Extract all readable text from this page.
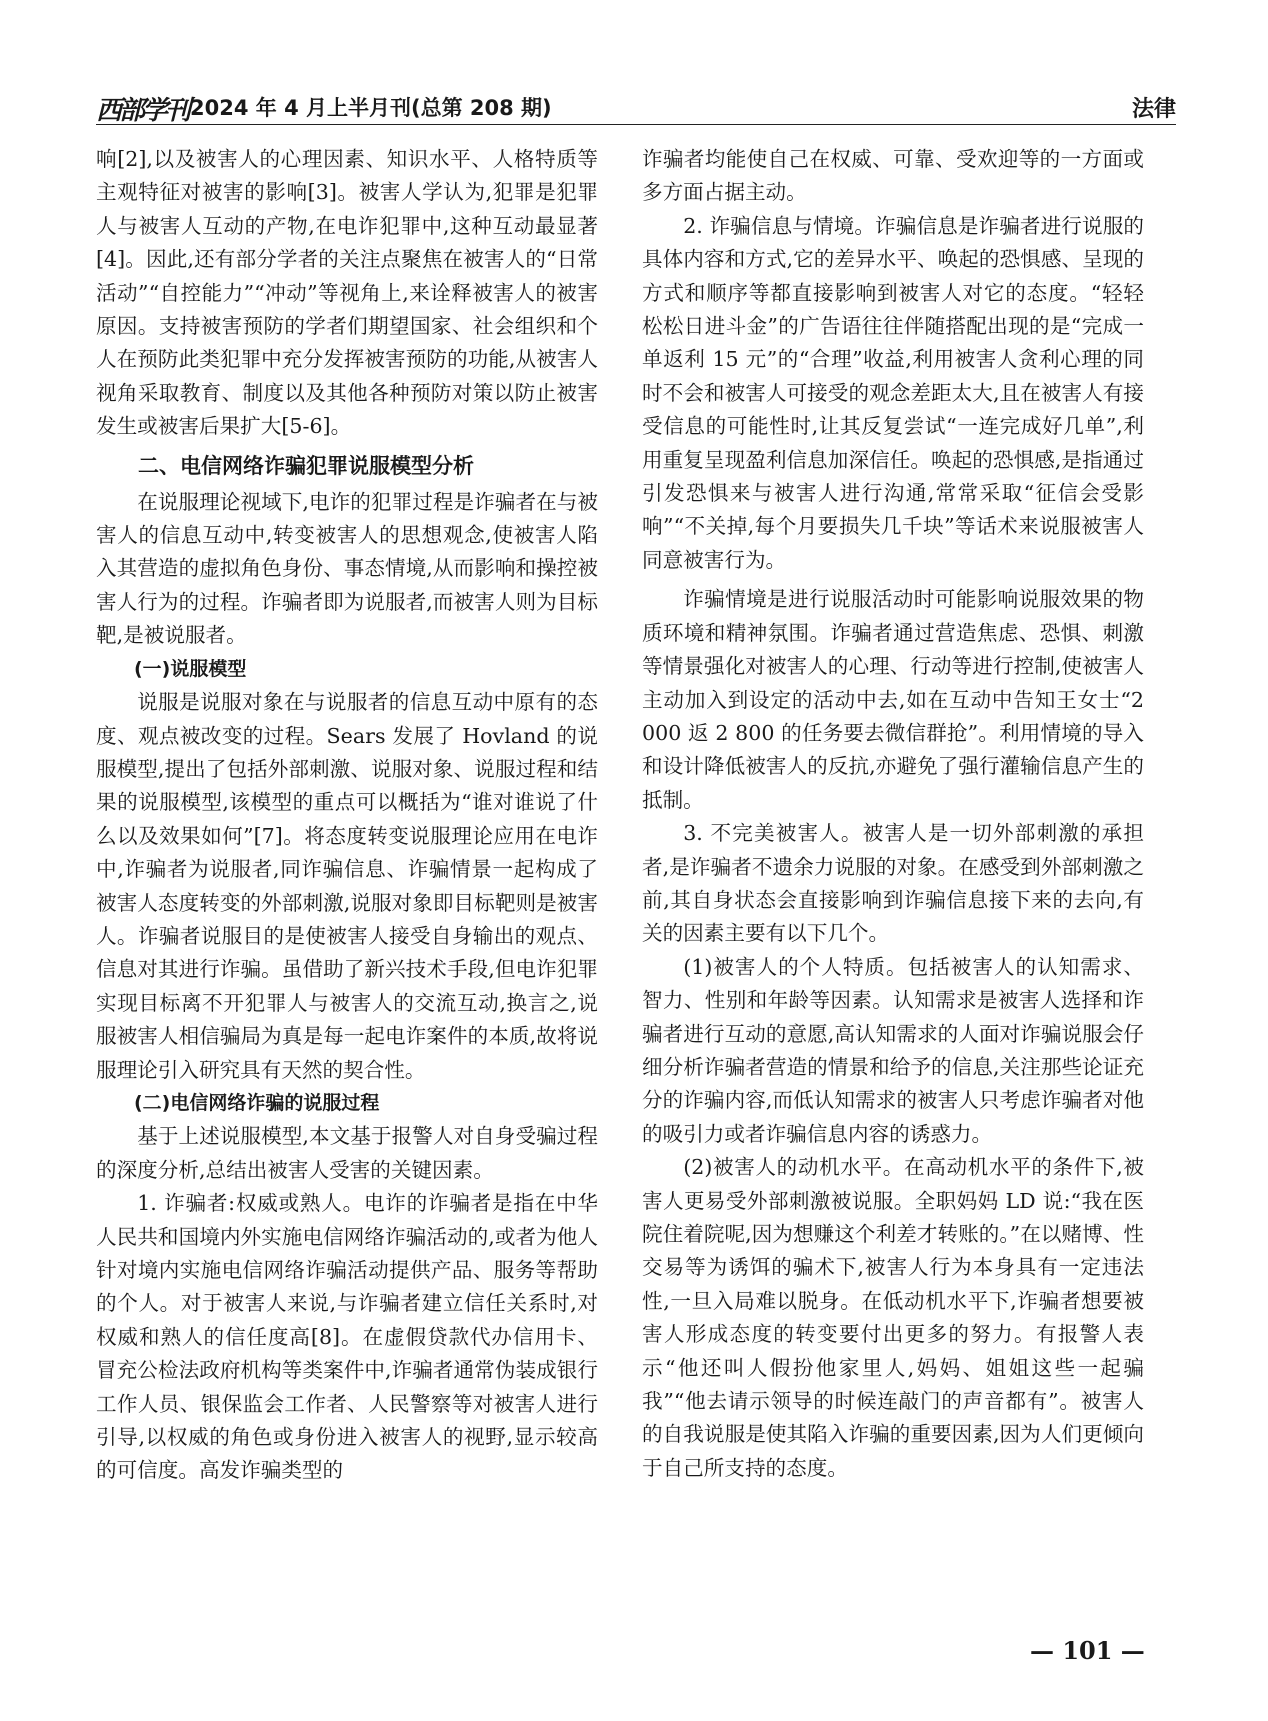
西部学刊 2024 年 4 月上半月刊(总第 208 期)	法律

响[2],以及被害人的心理因素、知识水平、人格特质等主观特征对被害的影响[3]。被害人学认为,犯罪是犯罪人与被害人互动的产物,在电诈犯罪中,这种互动最显著[4]。因此,还有部分学者的关注点聚焦在被害人的“日常活动”“自控能力”“冲动”等视角上,来诠释被害人的被害原因。支持被害预防的学者们期望国家、社会组织和个人在预防此类犯罪中充分发挥被害预防的功能,从被害人视角采取教育、制度以及其他各种预防对策以防止被害发生或被害后果扩大[5-6]。

二、电信网络诈骗犯罪说服模型分析

在说服理论视域下,电诈的犯罪过程是诈骗者在与被害人的信息互动中,转变被害人的思想观念,使被害人陷入其营造的虚拟角色身份、事态情境,从而影响和操控被害人行为的过程。诈骗者即为说服者,而被害人则为目标靶,是被说服者。

(一)说服模型

说服是说服对象在与说服者的信息互动中原有的态度、观点被改变的过程。Sears 发展了 Hovland 的说服模型,提出了包括外部刺激、说服对象、说服过程和结果的说服模型,该模型的重点可以概括为“谁对谁说了什么以及效果如何”[7]。将态度转变说服理论应用在电诈中,诈骗者为说服者,同诈骗信息、诈骗情景一起构成了被害人态度转变的外部刺激,说服对象即目标靶则是被害人。诈骗者说服目的是使被害人接受自身输出的观点、信息对其进行诈骗。虽借助了新兴技术手段,但电诈犯罪实现目标离不开犯罪人与被害人的交流互动,换言之,说服被害人相信骗局为真是每一起电诈案件的本质,故将说服理论引入研究具有天然的契合性。

(二)电信网络诈骗的说服过程

基于上述说服模型,本文基于报警人对自身受骗过程的深度分析,总结出被害人受害的关键因素。

1. 诈骗者:权威或熟人。电诈的诈骗者是指在中华人民共和国境内外实施电信网络诈骗活动的,或者为他人针对境内实施电信网络诈骗活动提供产品、服务等帮助的个人。对于被害人来说,与诈骗者建立信任关系时,对权威和熟人的信任度高[8]。在虚假贷款代办信用卡、冒充公检法政府机构等类案件中,诈骗者通常伪装成银行工作人员、银保监会工作者、人民警察等对被害人进行引导,以权威的角色或身份进入被害人的视野,显示较高的可信度。高发诈骗类型的

诈骗者均能使自己在权威、可靠、受欢迎等的一方面或多方面占据主动。

2. 诈骗信息与情境。诈骗信息是诈骗者进行说服的具体内容和方式,它的差异水平、唤起的恐惧感、呈现的方式和顺序等都直接影响到被害人对它的态度。“轻轻松松日进斗金”的广告语往往伴随搭配出现的是“完成一单返利 15 元”的“合理”收益,利用被害人贪利心理的同时不会和被害人可接受的观念差距太大,且在被害人有接受信息的可能性时,让其反复尝试“一连完成好几单”,利用重复呈现盈利信息加深信任。唤起的恐惧感,是指通过引发恐惧来与被害人进行沟通,常常采取“征信会受影响”“不关掉,每个月要损失几千块”等话术来说服被害人同意被害行为。

诈骗情境是进行说服活动时可能影响说服效果的物质环境和精神氛围。诈骗者通过营造焦虑、恐惧、刺激等情景强化对被害人的心理、行动等进行控制,使被害人主动加入到设定的活动中去,如在互动中告知王女士“2 000 返 2 800 的任务要去微信群抢”。利用情境的导入和设计降低被害人的反抗,亦避免了强行灌输信息产生的抵制。

3. 不完美被害人。被害人是一切外部刺激的承担者,是诈骗者不遗余力说服的对象。在感受到外部刺激之前,其自身状态会直接影响到诈骗信息接下来的去向,有关的因素主要有以下几个。

(1)被害人的个人特质。包括被害人的认知需求、智力、性别和年龄等因素。认知需求是被害人选择和诈骗者进行互动的意愿,高认知需求的人面对诈骗说服会仔细分析诈骗者营造的情景和给予的信息,关注那些论证充分的诈骗内容,而低认知需求的被害人只考虑诈骗者对他的吸引力或者诈骗信息内容的诱惑力。

(2)被害人的动机水平。在高动机水平的条件下,被害人更易受外部刺激被说服。全职妈妈 LD 说:“我在医院住着院呢,因为想赚这个利差才转账的。”在以赌博、性交易等为诱饵的骗术下,被害人行为本身具有一定违法性,一旦入局难以脱身。在低动机水平下,诈骗者想要被害人形成态度的转变要付出更多的努力。有报警人表示“他还叫人假扮他家里人,妈妈、姐姐这些一起骗我”“他去请示领导的时候连敲门的声音都有”。被害人的自我说服是使其陷入诈骗的重要因素,因为人们更倾向于自己所支持的态度。

— 101 —
